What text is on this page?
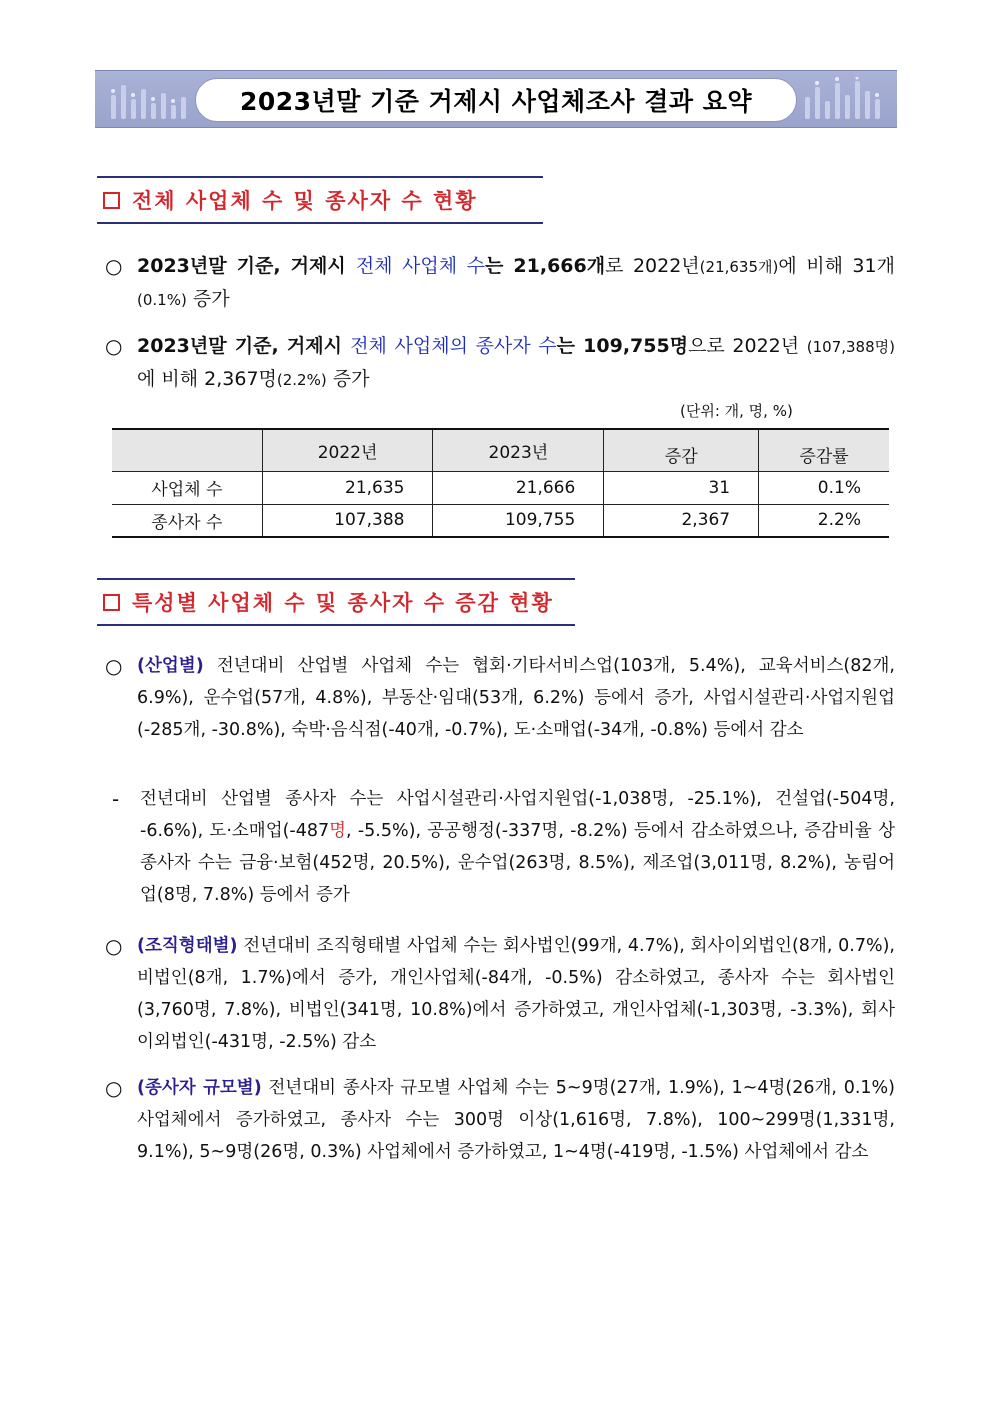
2023년말 기준 거제시 사업체조사 결과 요약
전체 사업체 수 및 종사자 수 현황
○ 2023년말 기준, 거제시 전체 사업체 수는 21,666개로 2022년(21,635개)에 비해 31개(0.1%) 증가
○ 2023년말 기준, 거제시 전체 사업체의 종사자 수는 109,755명으로 2022년 (107,388명)에 비해 2,367명(2.2%) 증가
(단위: 개, 명, %)
	2022년	2023년	증감	증감률
사업체 수	21,635	21,666	31	0.1%
종사자 수	107,388	109,755	2,367	2.2%
특성별 사업체 수 및 종사자 수 증감 현황
○ (산업별) 전년대비 산업별 사업체 수는 협회·기타서비스업(103개, 5.4%), 교육서비스(82개, 6.9%), 운수업(57개, 4.8%), 부동산·임대(53개, 6.2%) 등에서 증가, 사업시설관리·사업지원업(-285개, -30.8%), 숙박·음식점(-40개, -0.7%), 도·소매업(-34개, -0.8%) 등에서 감소
-	전년대비 산업별 종사자 수는 사업시설관리·사업지원업(-1,038명, -25.1%), 건설업(-504명, -6.6%), 도·소매업(-487명, -5.5%), 공공행정(-337명, -8.2%) 등에서 감소하였으나, 증감비율 상 종사자 수는 금융·보험(452명, 20.5%), 운수업(263명, 8.5%), 제조업(3,011명, 8.2%), 농림어업(8명, 7.8%) 등에서 증가
○ (조직형태별) 전년대비 조직형태별 사업체 수는 회사법인(99개, 4.7%), 회사이외법인(8개, 0.7%), 비법인(8개, 1.7%)에서 증가, 개인사업체(-84개, -0.5%) 감소하였고, 종사자 수는 회사법인(3,760명, 7.8%), 비법인(341명, 10.8%)에서 증가하였고, 개인사업체(-1,303명, -3.3%), 회사이외법인(-431명, -2.5%) 감소
○ (종사자 규모별) 전년대비 종사자 규모별 사업체 수는 5~9명(27개, 1.9%), 1~4명(26개, 0.1%) 사업체에서 증가하였고, 종사자 수는 300명 이상(1,616명, 7.8%), 100~299명(1,331명, 9.1%), 5~9명(26명, 0.3%) 사업체에서 증가하였고, 1~4명(-419명, -1.5%) 사업체에서 감소
